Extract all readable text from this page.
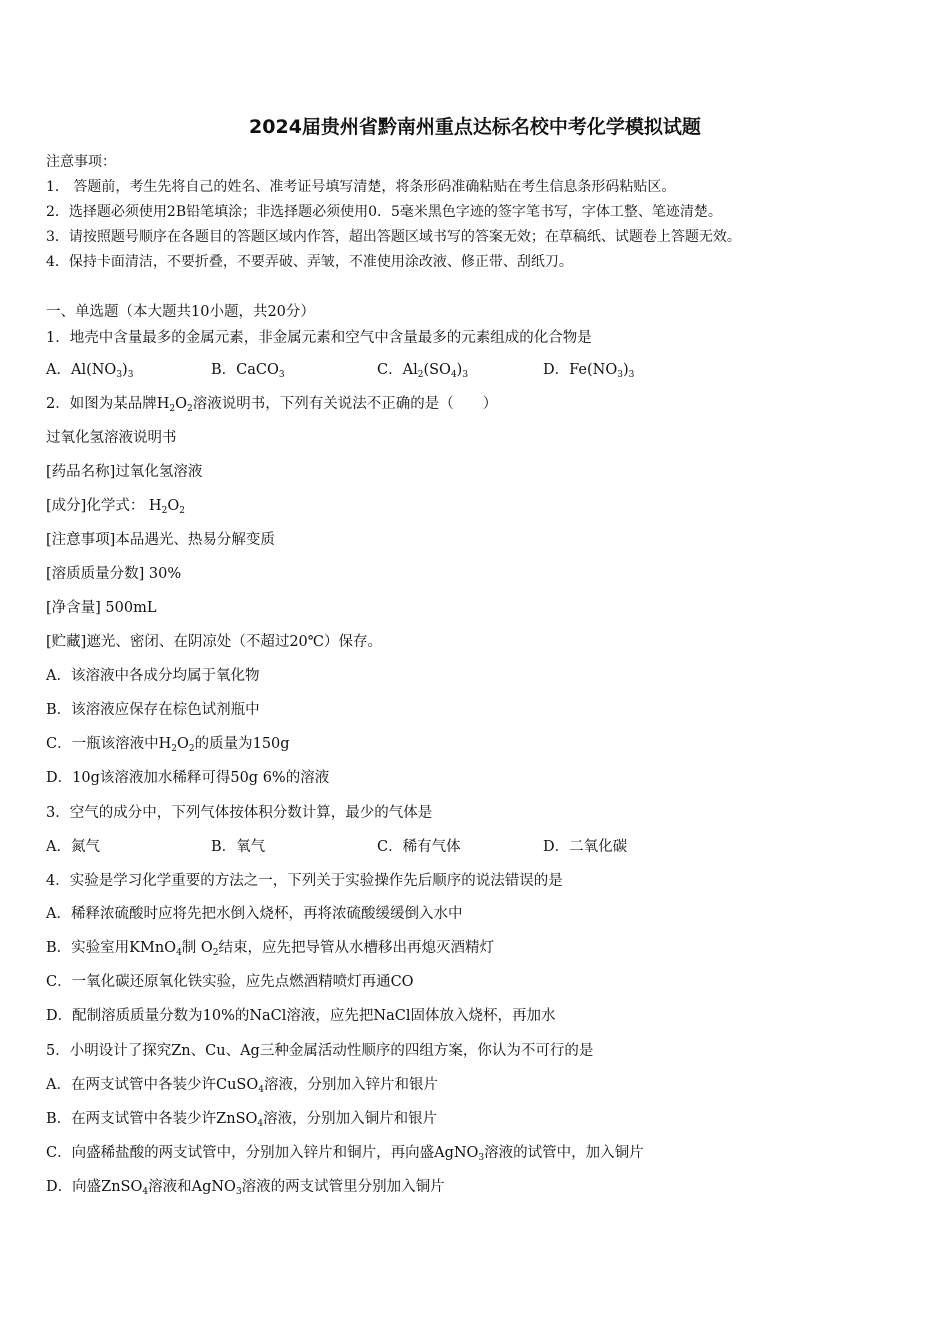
2024届贵州省黔南州重点达标名校中考化学模拟试题
注意事项：
1． 答题前，考生先将自己的姓名、准考证号填写清楚，将条形码准确粘贴在考生信息条形码粘贴区。
2．选择题必须使用2B铅笔填涂；非选择题必须使用0．5毫米黑色字迹的签字笔书写，字体工整、笔迹清楚。
3．请按照题号顺序在各题目的答题区域内作答，超出答题区域书写的答案无效；在草稿纸、试题卷上答题无效。
4．保持卡面清洁，不要折叠，不要弄破、弄皱，不准使用涂改液、修正带、刮纸刀。
一、单选题（本大题共10小题，共20分）
1．地壳中含量最多的金属元素，非金属元素和空气中含量最多的元素组成的化合物是
A．$Al(NO_3)_3$	B．CaCO$_3$	C．$Al_2(SO_4)_3$	D．$Fe(NO_3)_3$
2．如图为某品牌$H_2O_2$溶液说明书，下列有关说法不正确的是（　　）
过氧化氢溶液说明书
[药品名称]过氧化氢溶液
[成分]化学式： $H_2O_2$
[注意事项]本品遇光、热易分解变质
[溶质质量分数] 30%
[净含量] 500mL
[贮藏]遮光、密闭、在阴凉处（不超过20℃）保存。
A．该溶液中各成分均属于氧化物
B．该溶液应保存在棕色试剂瓶中
C．一瓶该溶液中$H_2O_2$的质量为150g
D．10g该溶液加水稀释可得50g 6%的溶液
3．空气的成分中，下列气体按体积分数计算，最少的气体是
A．氮气	B．氧气	C．稀有气体	D．二氧化碳
4．实验是学习化学重要的方法之一，下列关于实验操作先后顺序的说法错误的是
A．稀释浓硫酸时应将先把水倒入烧杯，再将浓硫酸缓缓倒入水中
B．实验室用KMnO$_4$制 $O_2$结束，应先把导管从水槽移出再熄灭酒精灯
C．一氧化碳还原氧化铁实验，应先点燃酒精喷灯再通CO
D．配制溶质质量分数为10%的NaCl溶液，应先把NaCl固体放入烧杯，再加水
5．小明设计了探究Zn、Cu、Ag三种金属活动性顺序的四组方案，你认为不可行的是
A．在两支试管中各装少许CuSO$_4$溶液，分别加入锌片和银片
B．在两支试管中各装少许ZnSO$_4$溶液，分别加入铜片和银片
C．向盛稀盐酸的两支试管中，分别加入锌片和铜片，再向盛AgNO$_3$溶液的试管中，加入铜片
D．向盛ZnSO$_4$溶液和AgNO$_3$溶液的两支试管里分别加入铜片
